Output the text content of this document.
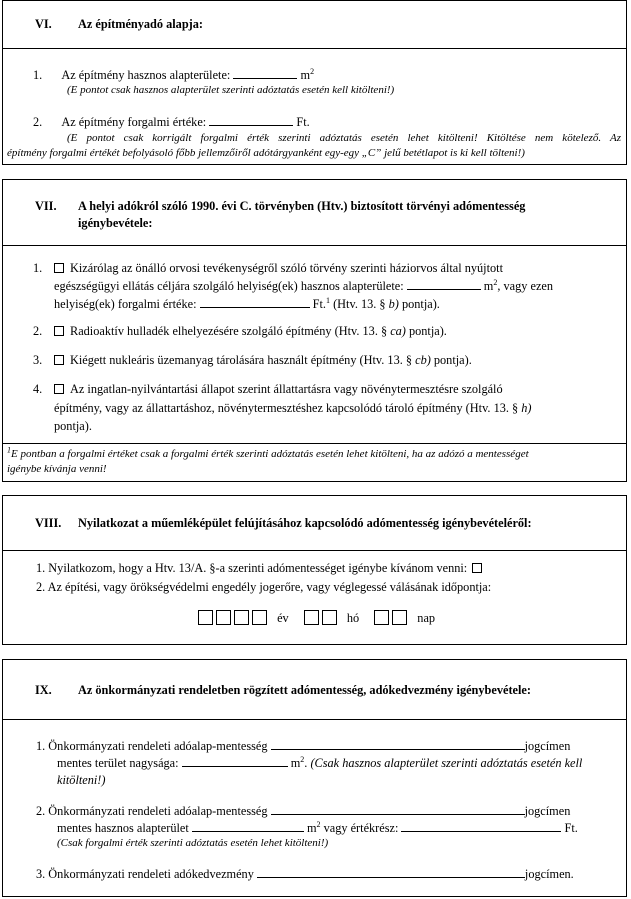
VI. Az építményadó alapja:
1. Az építmény hasznos alapterülete:	$m^2$
(E pontot csak hasznos alapterület szerinti adóztatás esetén kell kitölteni!)
2. Az építmény forgalmi értéke:	Ft.
(E pontot csak korrigált forgalmi érték szerinti adóztatás esetén lehet kitölteni! Kitöltése nem kötelező. Az
építmény forgalmi értékét befolyásoló főbb jellemzőiről adótárgyanként egy-egy „C” jelű betétlapot is ki kell tölteni!)
VII. A helyi adókról szóló 1990. évi C. törvényben (Htv.) biztosított törvényi adómentesség
igénybevétele:
1.	Kizárólag az önálló orvosi tevékenységről szóló törvény szerinti háziorvos által nyújtott
egészségügyi ellátás céljára szolgáló helyiség(ek) hasznos alapterülete:	$m^2$, vagy ezen
helyiség(ek) forgalmi értéke:	Ft.$^1$ (Htv. 13. § b) pontja).
2.	Radioaktív hulladék elhelyezésére szolgáló építmény (Htv. 13. § ca) pontja).
3.	Kiégett nukleáris üzemanyag tárolására használt építmény (Htv. 13. § cb) pontja).
4.	Az ingatlan-nyilvántartási állapot szerint állattartásra vagy növénytermesztésre szolgáló
építmény, vagy az állattartáshoz, növénytermesztéshez kapcsolódó tároló építmény (Htv. 13. § h)
pontja).
$^1$E pontban a forgalmi értéket csak a forgalmi érték szerinti adóztatás esetén lehet kitölteni, ha az adózó a mentességet
igénybe kívánja venni!
VIII. Nyilatkozat a műemléképület felújításához kapcsolódó adómentesség igénybevételéről:
1. Nyilatkozom, hogy a Htv. 13/A. §-a szerinti adómentességet igénybe kívánom venni:
2. Az építési, vagy örökségvédelmi engedély jogerőre, vagy véglegessé válásának időpontja:
év	hó	nap
IX. Az önkormányzati rendeletben rögzített adómentesség, adókedvezmény igénybevétele:
1. Önkormányzati rendeleti adóalap-mentesség	jogcímen
mentes terület nagysága:	$m^2$. (Csak hasznos alapterület szerinti adóztatás esetén kell
kitölteni!)
2. Önkormányzati rendeleti adóalap-mentesség	jogcímen
mentes hasznos alapterület	$m^2$ vagy értékrész:	Ft.
(Csak forgalmi érték szerinti adóztatás esetén lehet kitölteni!)
3. Önkormányzati rendeleti adókedvezmény	jogcímen.
